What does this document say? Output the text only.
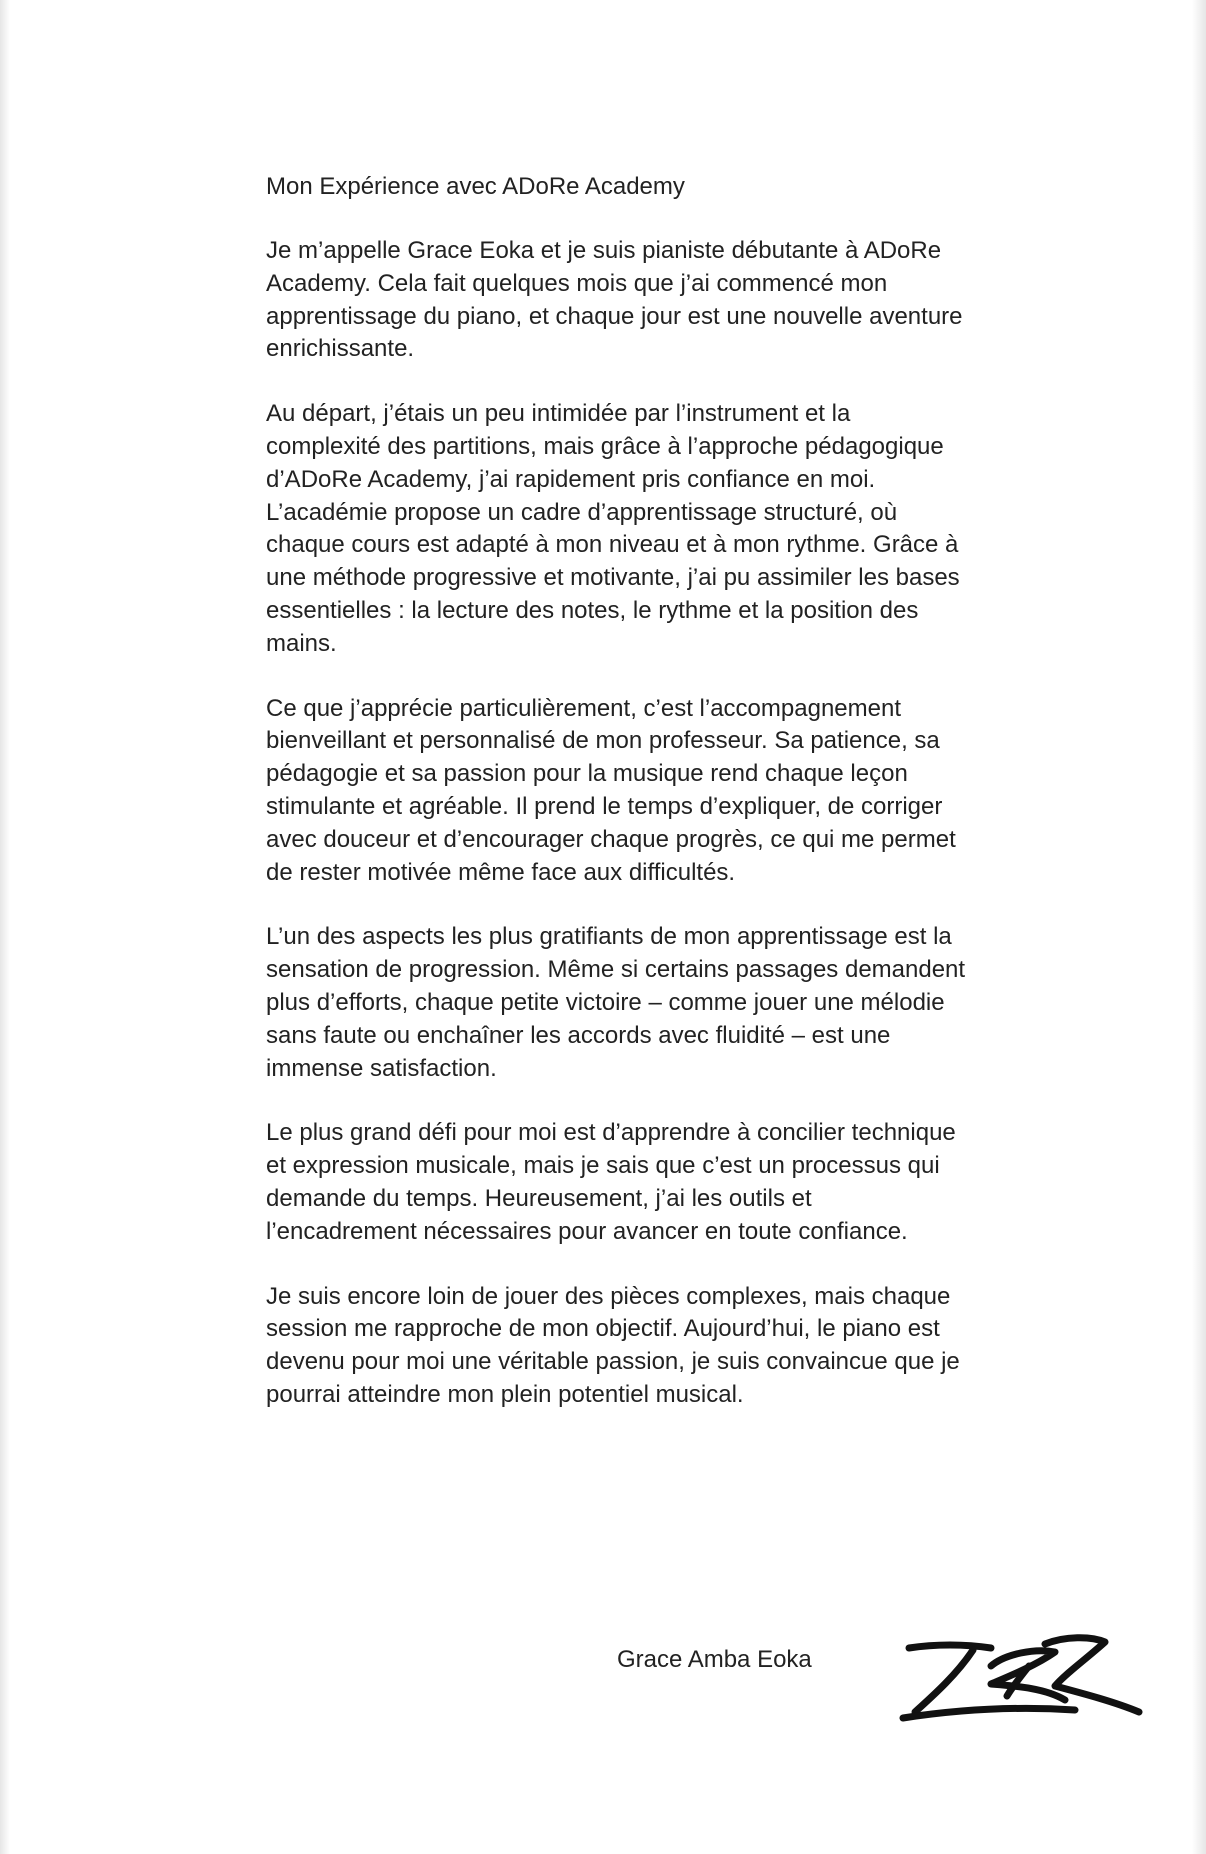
Mon Expérience avec ADoRe Academy

Je m’appelle Grace Eoka et je suis pianiste débutante à ADoRe Academy. Cela fait quelques mois que j’ai commencé mon apprentissage du piano, et chaque jour est une nouvelle aventure enrichissante.

Au départ, j’étais un peu intimidée par l’instrument et la complexité des partitions, mais grâce à l’approche pédagogique d’ADoRe Academy, j’ai rapidement pris confiance en moi. L’académie propose un cadre d’apprentissage structuré, où chaque cours est adapté à mon niveau et à mon rythme. Grâce à une méthode progressive et motivante, j’ai pu assimiler les bases essentielles : la lecture des notes, le rythme et la position des mains.

Ce que j’apprécie particulièrement, c’est l’accompagnement bienveillant et personnalisé de mon professeur. Sa patience, sa pédagogie et sa passion pour la musique rend chaque leçon stimulante et agréable. Il prend le temps d’expliquer, de corriger avec douceur et d’encourager chaque progrès, ce qui me permet de rester motivée même face aux difficultés.

L’un des aspects les plus gratifiants de mon apprentissage est la sensation de progression. Même si certains passages demandent plus d’efforts, chaque petite victoire – comme jouer une mélodie sans faute ou enchaîner les accords avec fluidité – est une immense satisfaction.

Le plus grand défi pour moi est d’apprendre à concilier technique et expression musicale, mais je sais que c’est un processus qui demande du temps. Heureusement, j’ai les outils et l’encadrement nécessaires pour avancer en toute confiance.

Je suis encore loin de jouer des pièces complexes, mais chaque session me rapproche de mon objectif. Aujourd’hui, le piano est devenu pour moi une véritable passion, je suis convaincue que je pourrai atteindre mon plein potentiel musical.

Grace Amba Eoka
